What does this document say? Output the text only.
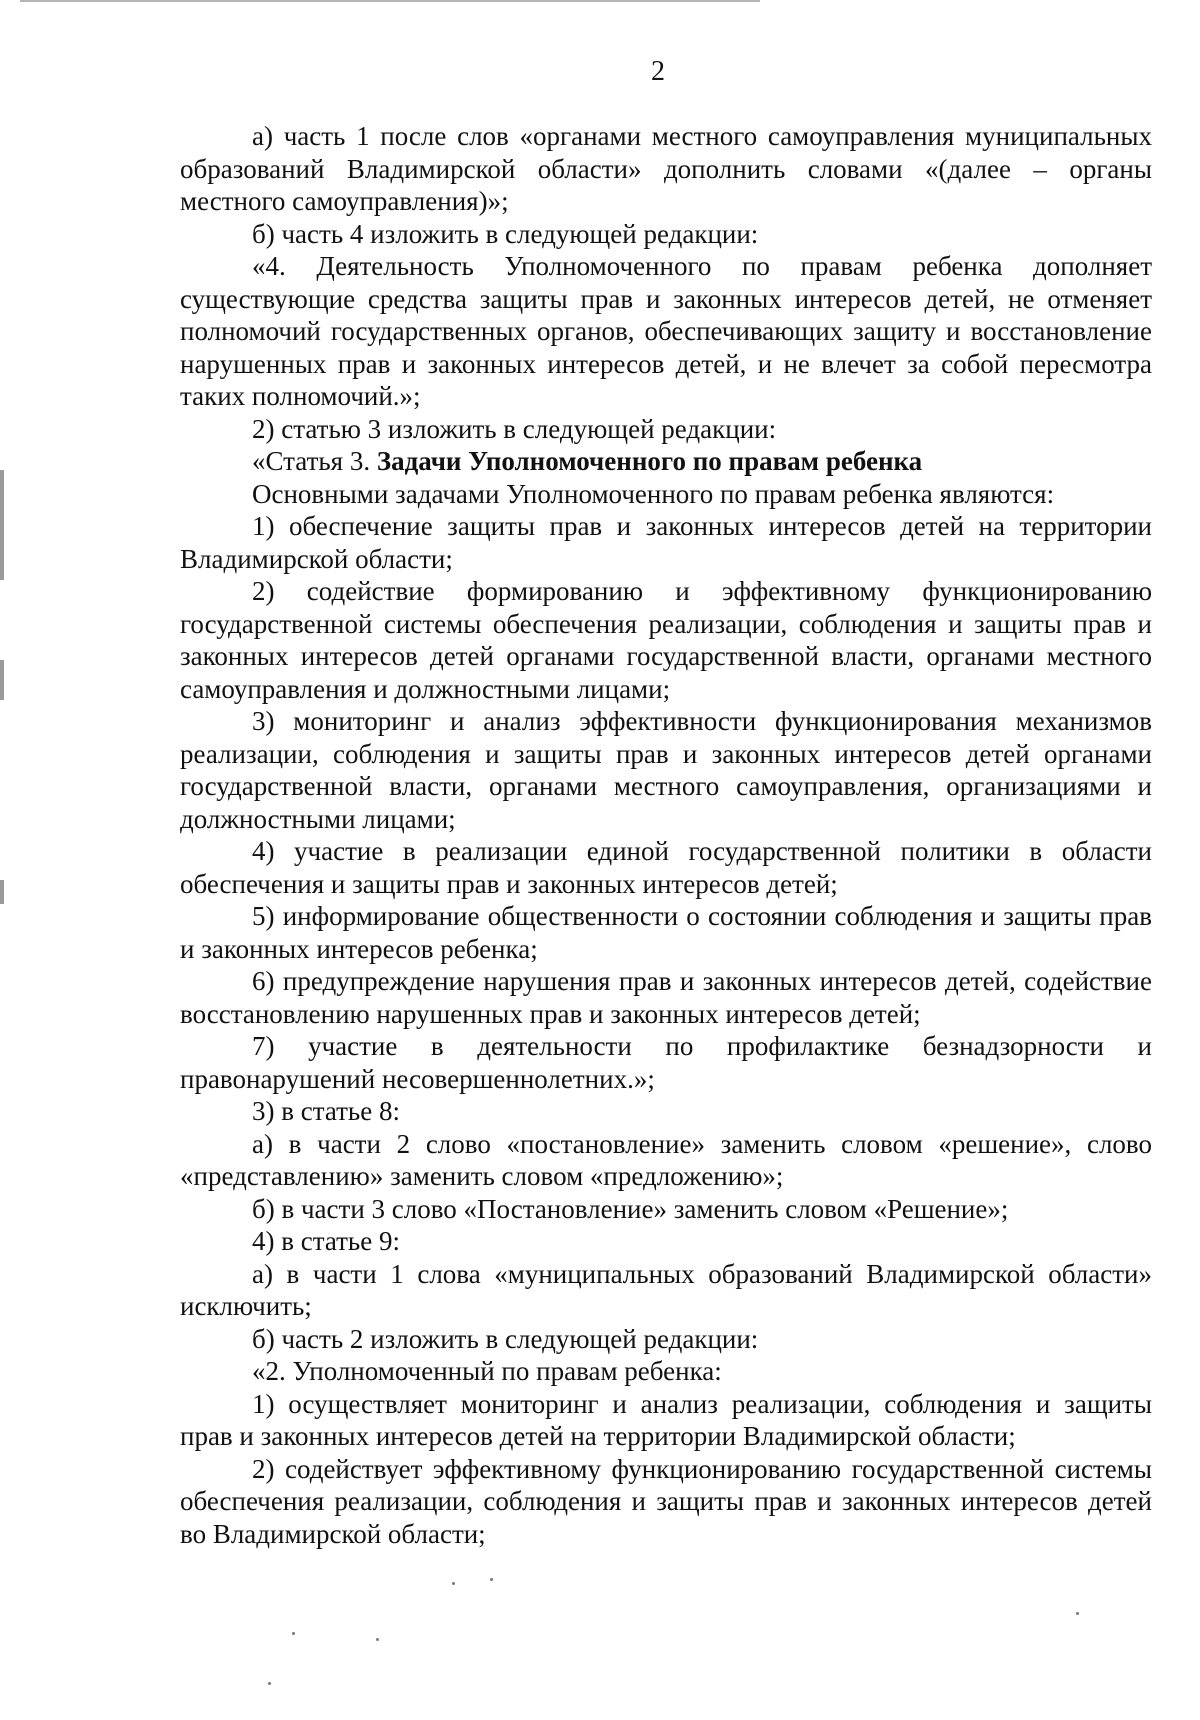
2

а) часть 1 после слов «органами местного самоуправления муниципальных образований Владимирской области» дополнить словами «(далее – органы местного самоуправления)»;

б) часть 4 изложить в следующей редакции:

«4. Деятельность Уполномоченного по правам ребенка дополняет существующие средства защиты прав и законных интересов детей, не отменяет полномочий государственных органов, обеспечивающих защиту и восстановление нарушенных прав и законных интересов детей, и не влечет за собой пересмотра таких полномочий.»;

2) статью 3 изложить в следующей редакции:

«Статья 3. Задачи Уполномоченного по правам ребенка

Основными задачами Уполномоченного по правам ребенка являются:

1) обеспечение защиты прав и законных интересов детей на территории Владимирской области;

2) содействие формированию и эффективному функционированию государственной системы обеспечения реализации, соблюдения и защиты прав и законных интересов детей органами государственной власти, органами местного самоуправления и должностными лицами;

3) мониторинг и анализ эффективности функционирования механизмов реализации, соблюдения и защиты прав и законных интересов детей органами государственной власти, органами местного самоуправления, организациями и должностными лицами;

4) участие в реализации единой государственной политики в области обеспечения и защиты прав и законных интересов детей;

5) информирование общественности о состоянии соблюдения и защиты прав и законных интересов ребенка;

6) предупреждение нарушения прав и законных интересов детей, содействие восстановлению нарушенных прав и законных интересов детей;

7) участие в деятельности по профилактике безнадзорности и правонарушений несовершеннолетних.»;

3) в статье 8:

а) в части 2 слово «постановление» заменить словом «решение», слово «представлению» заменить словом «предложению»;

б) в части 3 слово «Постановление» заменить словом «Решение»;

4) в статье 9:

а) в части 1 слова «муниципальных образований Владимирской области» исключить;

б) часть 2 изложить в следующей редакции:

«2. Уполномоченный по правам ребенка:

1) осуществляет мониторинг и анализ реализации, соблюдения и защиты прав и законных интересов детей на территории Владимирской области;

2) содействует эффективному функционированию государственной системы обеспечения реализации, соблюдения и защиты прав и законных интересов детей во Владимирской области;
